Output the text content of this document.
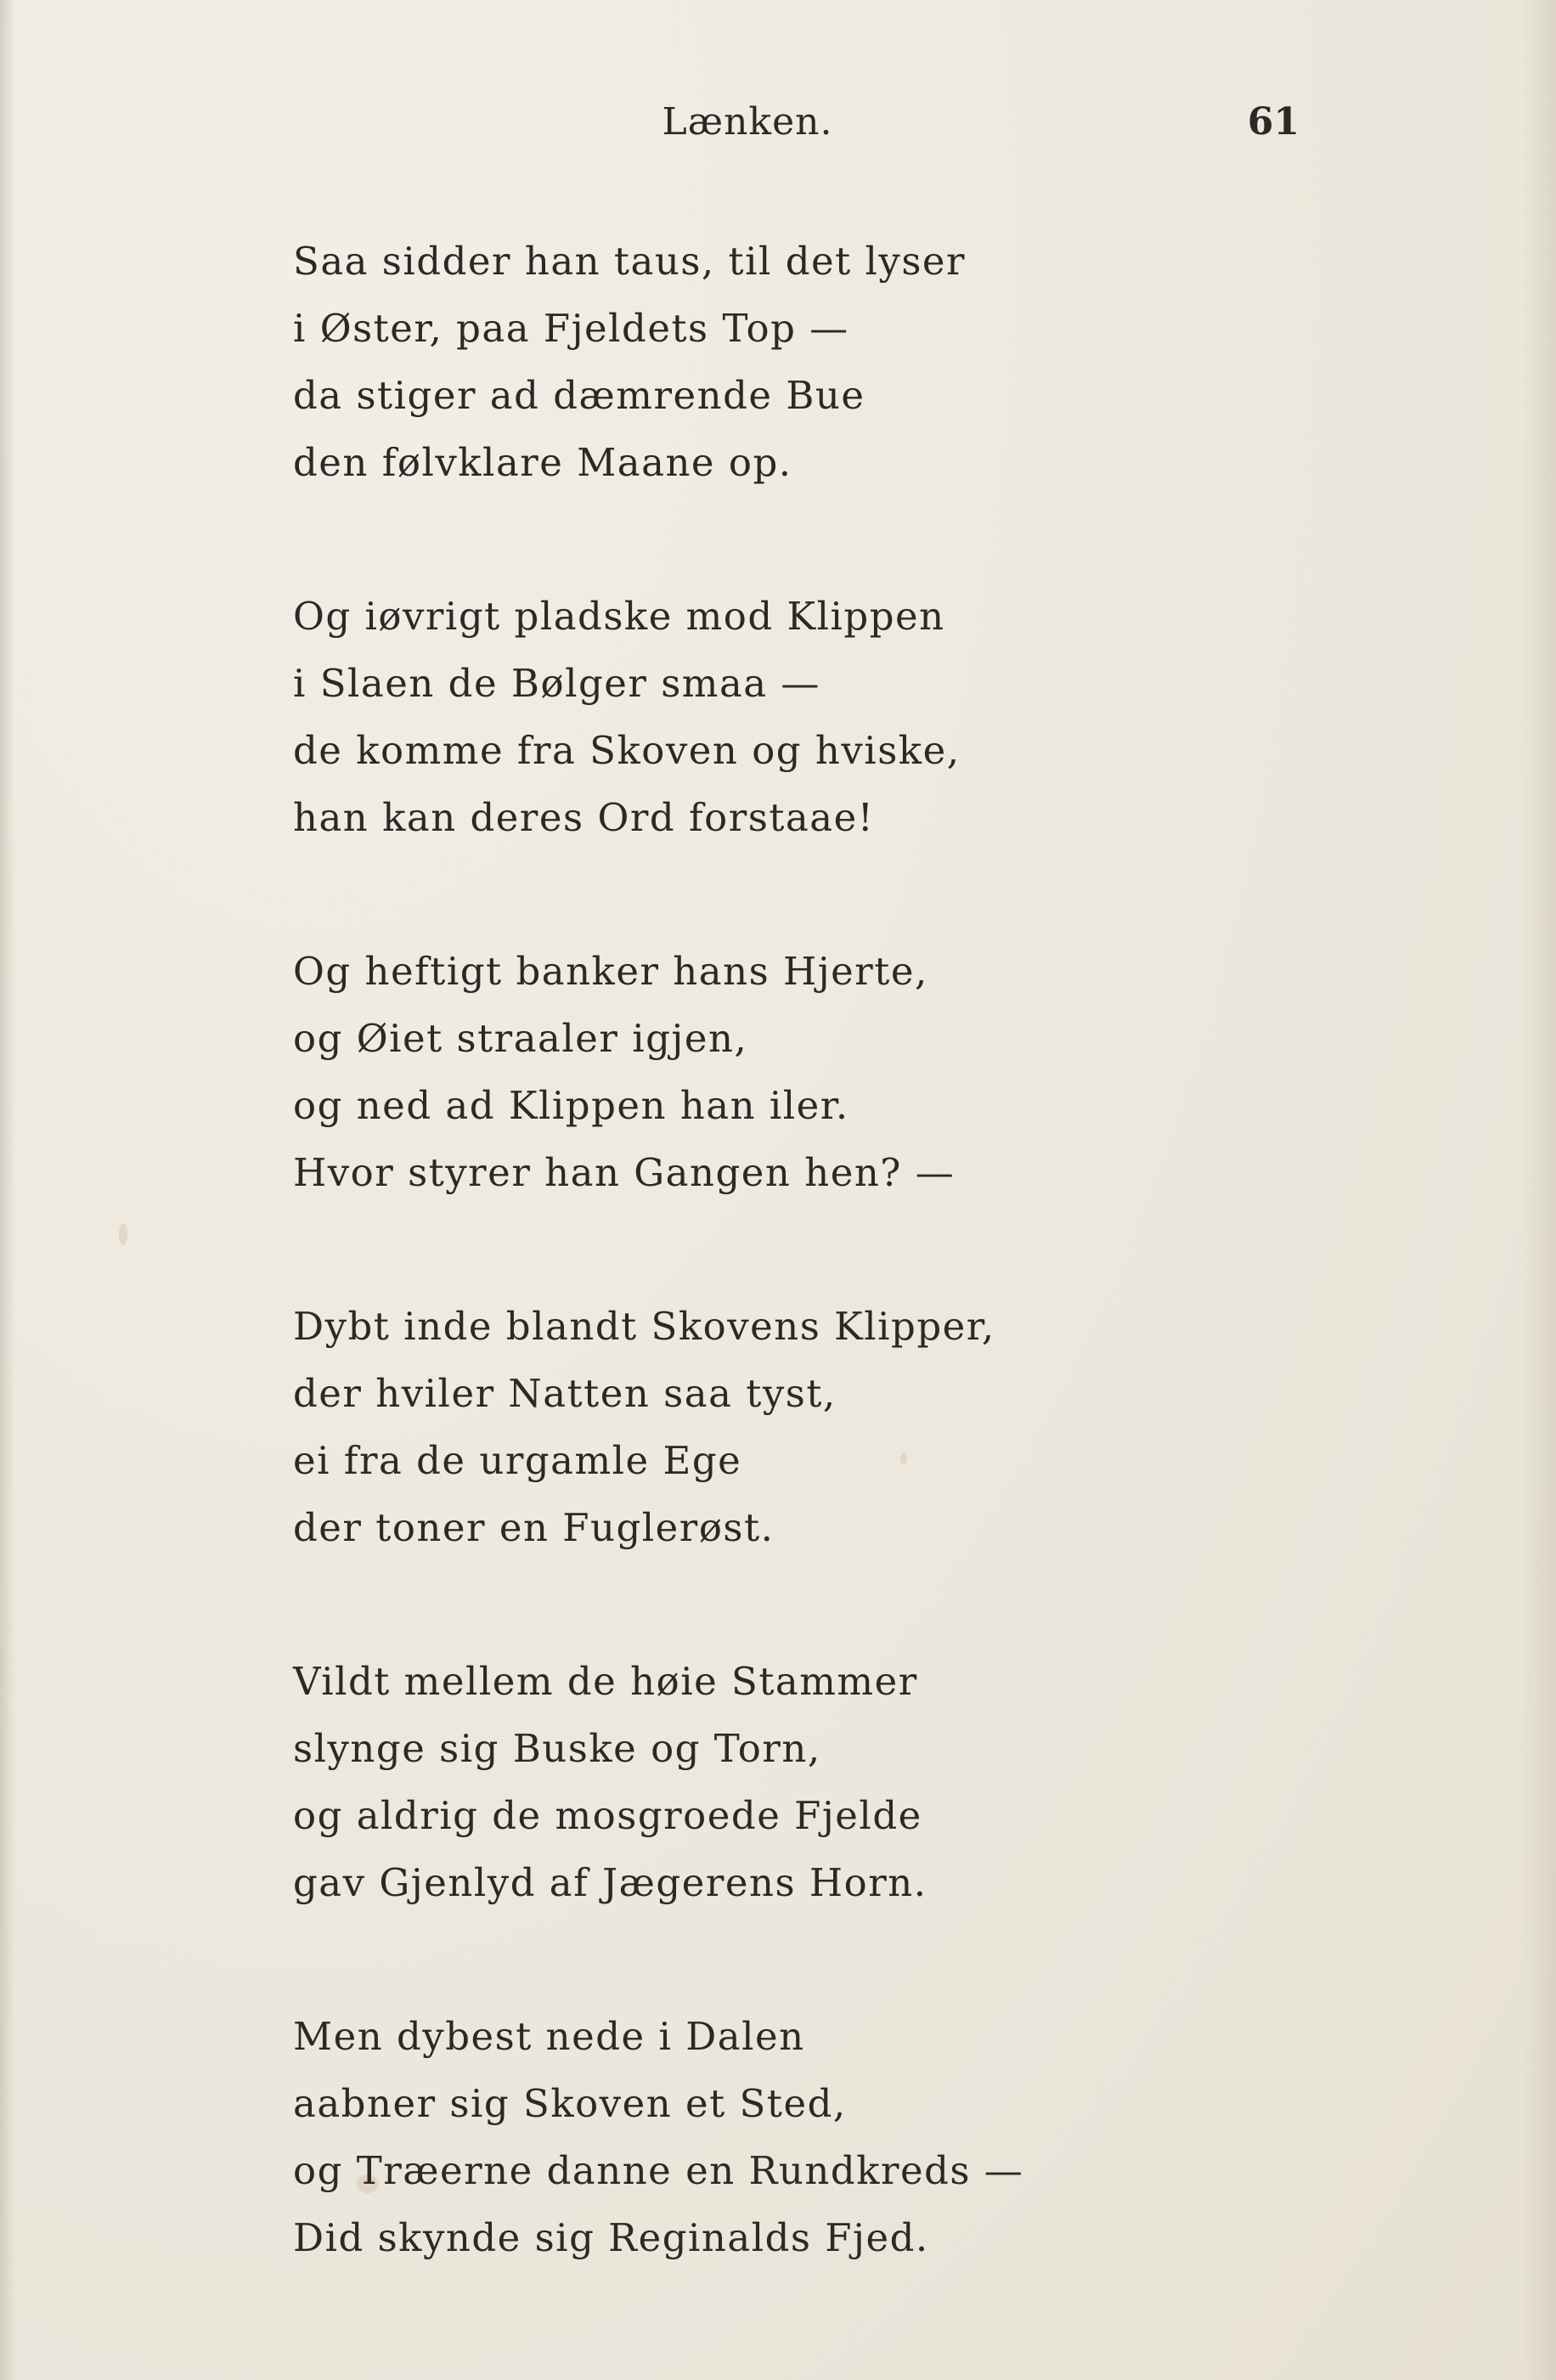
Lænken.	61
Saa sidder han taus, til det lyser
i Øster, paa Fjeldets Top —
da stiger ad dæmrende Bue
den følvklare Maane op.
Og iøvrigt pladske mod Klippen
i Slaen de Bølger smaa —
de komme fra Skoven og hviske,
han kan deres Ord forstaae!
Og heftigt banker hans Hjerte,
og Øiet straaler igjen,
og ned ad Klippen han iler.
Hvor styrer han Gangen hen? —
Dybt inde blandt Skovens Klipper,
der hviler Natten saa tyst,
ei fra de urgamle Ege
der toner en Fuglerøst.
Vildt mellem de høie Stammer
slynge sig Buske og Torn,
og aldrig de mosgroede Fjelde
gav Gjenlyd af Jægerens Horn.
Men dybest nede i Dalen
aabner sig Skoven et Sted,
og Træerne danne en Rundkreds —
Did skynde sig Reginalds Fjed.
